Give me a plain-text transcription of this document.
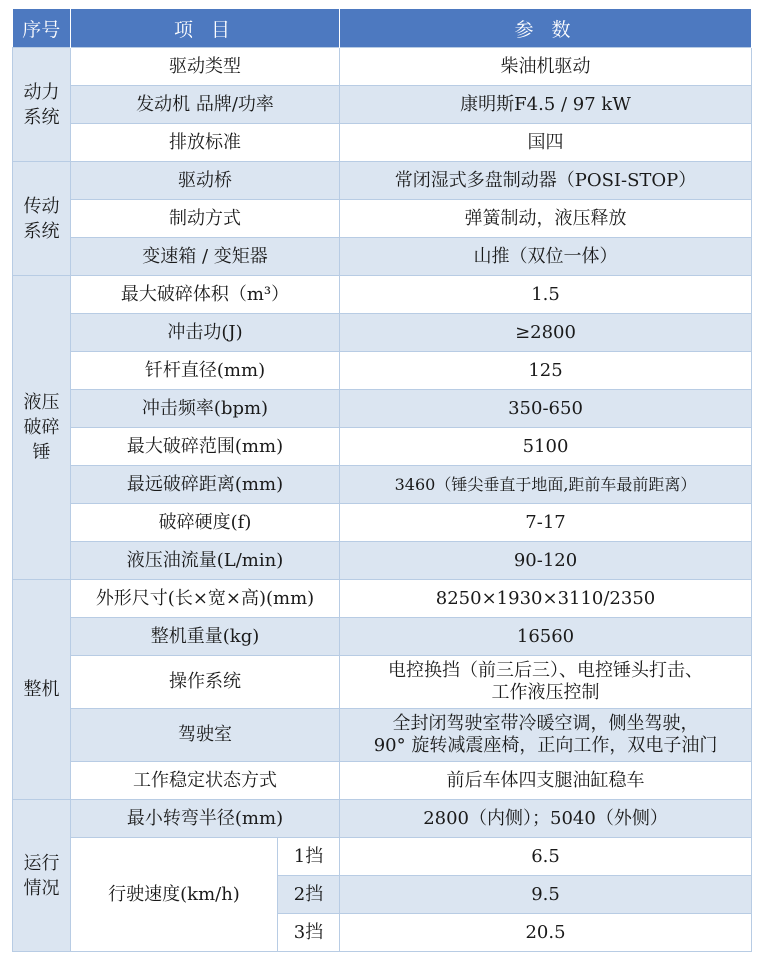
序号	项 目		参 数
动力系统	驱动类型		柴油机驱动
	发动机 品牌/功率		康明斯F4.5 / 97 kW
	排放标准		国四
传动系统	驱动桥		常闭湿式多盘制动器（POSI-STOP）
	制动方式		弹簧制动，液压释放
	变速箱 / 变矩器		山推（双位一体）
液压破碎锤	最大破碎体积（m³）		1.5
	冲击功(J)		≥2800
	钎杆直径(mm)		125
	冲击频率(bpm)		350-650
	最大破碎范围(mm)		5100
	最远破碎距离(mm)		3460（锤尖垂直于地面,距前车最前距离）
	破碎硬度(f)		7-17
	液压油流量(L/min)		90-120
整机	外形尺寸(长×宽×高)(mm)		8250×1930×3110/2350
	整机重量(kg)		16560
	操作系统		电控换挡（前三后三）、电控锤头打击、
工作液压控制

	驾驶室		全封闭驾驶室带冷暖空调，侧坐驾驶，
90° 旋转减震座椅，正向工作，双电子油门

	工作稳定状态方式		前后车体四支腿油缸稳车
运行情况	最小转弯半径(mm)		2800（内侧）；5040（外侧）
	行驶速度(km/h)	1挡	6.5
		2挡	9.5
		3挡	20.5
